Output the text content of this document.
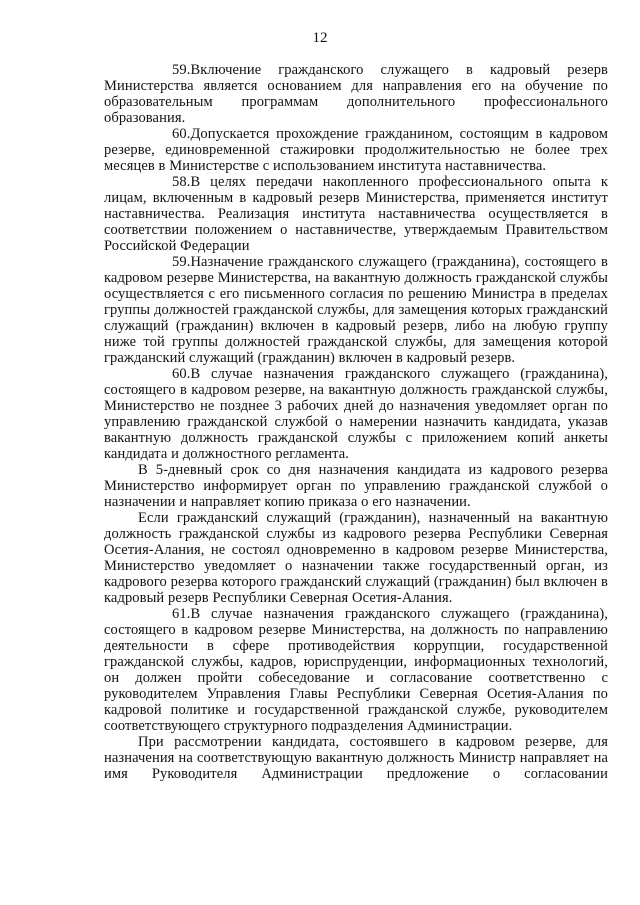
12

59.Включение гражданского служащего в кадровый резерв Министерства является основанием для направления его на обучение по образовательным программам дополнительного профессионального образования.

60.Допускается прохождение гражданином, состоящим в кадровом резерве, единовременной стажировки продолжительностью не более трех месяцев в Министерстве с использованием института наставничества.

58.В целях передачи накопленного профессионального опыта к лицам, включенным в кадровый резерв Министерства, применяется институт наставничества. Реализация института наставничества осуществляется в соответствии положением о наставничестве, утверждаемым Правительством Российской Федерации

59.Назначение гражданского служащего (гражданина), состоящего в кадровом резерве Министерства, на вакантную должность гражданской службы осуществляется с его письменного согласия по решению Министра в пределах группы должностей гражданской службы, для замещения которых гражданский служащий (гражданин) включен в кадровый резерв, либо на любую группу ниже той группы должностей гражданской службы, для замещения которой гражданский служащий (гражданин) включен в кадровый резерв.

60.В случае назначения гражданского служащего (гражданина), состоящего в кадровом резерве, на вакантную должность гражданской службы, Министерство не позднее 3 рабочих дней до назначения уведомляет орган по управлению гражданской службой о намерении назначить кандидата, указав вакантную должность гражданской службы с приложением копий анкеты кандидата и должностного регламента.

В 5-дневный срок со дня назначения кандидата из кадрового резерва Министерство информирует орган по управлению гражданской службой о назначении и направляет копию приказа о его назначении.

Если гражданский служащий (гражданин), назначенный на вакантную должность гражданской службы из кадрового резерва Республики Северная Осетия-Алания, не состоял одновременно в кадровом резерве Министерства, Министерство уведомляет о назначении также государственный орган, из кадрового резерва которого гражданский служащий (гражданин) был включен в кадровый резерв Республики Северная Осетия-Алания.

61.В случае назначения гражданского служащего (гражданина), состоящего в кадровом резерве Министерства, на должность по направлению деятельности в сфере противодействия коррупции, государственной гражданской службы, кадров, юриспруденции, информационных технологий, он должен пройти собеседование и согласование соответственно с руководителем Управления Главы Республики Северная Осетия-Алания по кадровой политике и государственной гражданской службе, руководителем соответствующего структурного подразделения Администрации.

При рассмотрении кандидата, состоявшего в кадровом резерве, для назначения на соответствующую вакантную должность Министр направляет на имя Руководителя Администрации предложение о согласовании
